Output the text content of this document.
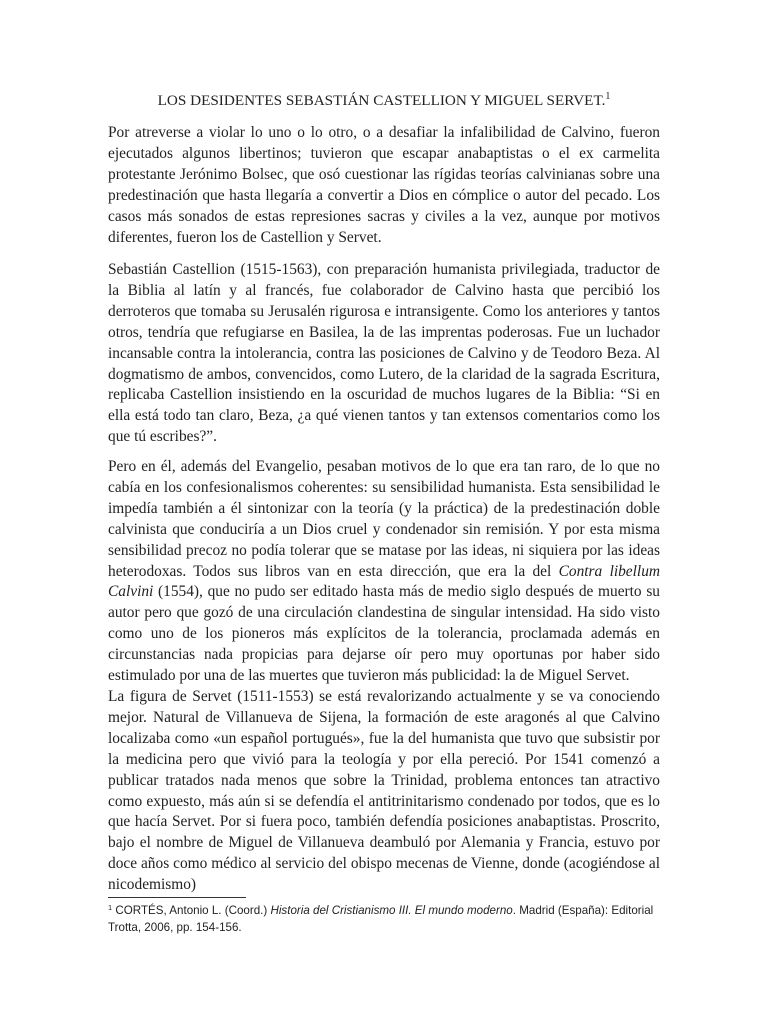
LOS DESIDENTES SEBASTIÁN CASTELLION Y MIGUEL SERVET.$^1$

Por atreverse a violar lo uno o lo otro, o a desafiar la infalibilidad de Calvino, fueron ejecutados algunos libertinos; tuvieron que escapar anabaptistas o el ex carmelita protestante Jerónimo Bolsec, que osó cuestionar las rígidas teorías calvinianas sobre una predestinación que hasta llegaría a convertir a Dios en cómplice o autor del pecado. Los casos más sonados de estas represiones sacras y civiles a la vez, aunque por motivos diferentes, fueron los de Castellion y Servet.

Sebastián Castellion (1515-1563), con preparación humanista privilegiada, traductor de la Biblia al latín y al francés, fue colaborador de Calvino hasta que percibió los derroteros que tomaba su Jerusalén rigurosa e intransigente. Como los anteriores y tantos otros, tendría que refugiarse en Basilea, la de las imprentas poderosas. Fue un luchador incansable contra la intolerancia, contra las posiciones de Calvino y de Teodoro Beza. Al dogmatismo de ambos, convencidos, como Lutero, de la claridad de la sagrada Escritura, replicaba Castellion insistiendo en la oscuridad de muchos lugares de la Biblia: “Si en ella está todo tan claro, Beza, ¿a qué vienen tantos y tan extensos comentarios como los que tú escribes?”.

Pero en él, además del Evangelio, pesaban motivos de lo que era tan raro, de lo que no cabía en los confesionalismos coherentes: su sensibilidad humanista. Esta sensibilidad le impedía también a él sintonizar con la teoría (y la práctica) de la predestinación doble calvinista que conduciría a un Dios cruel y condenador sin remisión. Y por esta misma sensibilidad precoz no podía tolerar que se matase por las ideas, ni siquiera por las ideas heterodoxas. Todos sus libros van en esta dirección, que era la del Contra libellum Calvini (1554), que no pudo ser editado hasta más de medio siglo después de muerto su autor pero que gozó de una circulación clandestina de singular intensidad. Ha sido visto como uno de los pioneros más explícitos de la tolerancia, proclamada además en circunstancias nada propicias para dejarse oír pero muy oportunas por haber sido estimulado por una de las muertes que tuvieron más publicidad: la de Miguel Servet.

La figura de Servet (1511-1553) se está revalorizando actualmente y se va conociendo mejor. Natural de Villanueva de Sijena, la formación de este aragonés al que Calvino localizaba como «un español portugués», fue la del humanista que tuvo que subsistir por la medicina pero que vivió para la teología y por ella pereció. Por 1541 comenzó a publicar tratados nada menos que sobre la Trinidad, problema entonces tan atractivo como expuesto, más aún si se defendía el antitrinitarismo condenado por todos, que es lo que hacía Servet. Por si fuera poco, también defendía posiciones anabaptistas. Proscrito, bajo el nombre de Miguel de Villanueva deambuló por Alemania y Francia, estuvo por doce años como médico al servicio del obispo mecenas de Vienne, donde (acogiéndose al nicodemismo)

$^1$ CORTÉS, Antonio L. (Coord.) Historia del Cristianismo III. El mundo moderno. Madrid (España): Editorial Trotta, 2006, pp. 154-156.
